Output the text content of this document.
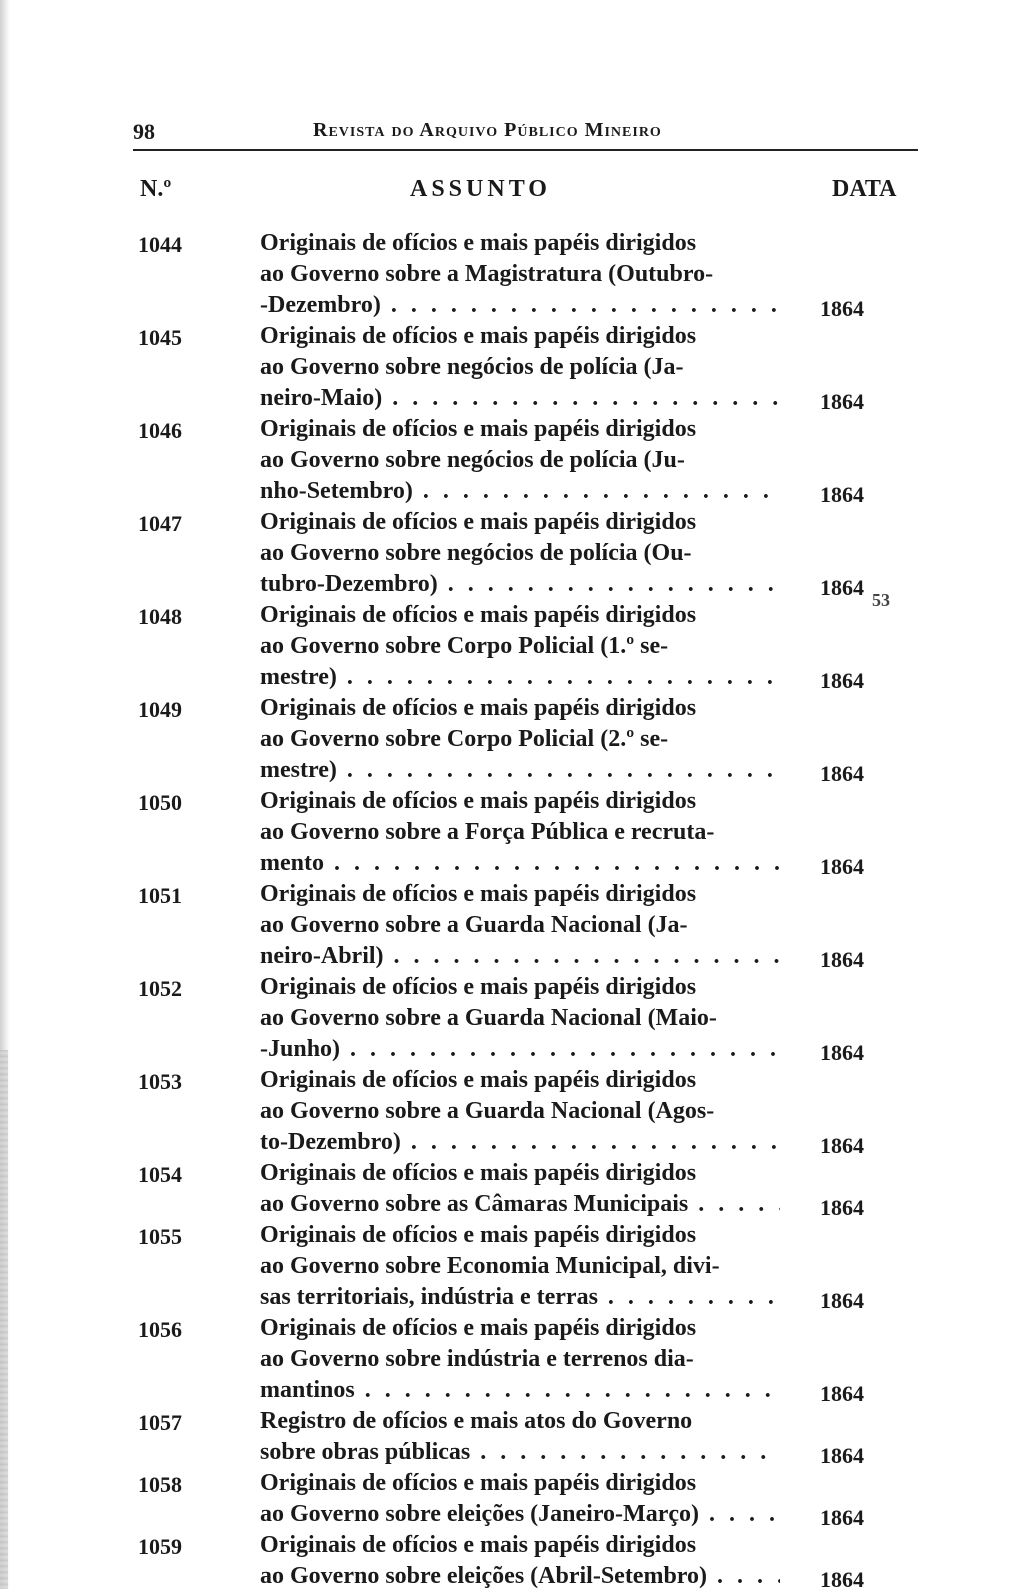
98	Revista do Arquivo Público Mineiro
N.º	ASSUNTO	DATA
53
1044	Originais de ofícios e mais papéis dirigidos
ao Governo sobre a Magistratura (Outubro-
-Dezembro) . . .	1864
1045	Originais de ofícios e mais papéis dirigidos
ao Governo sobre negócios de polícia (Ja-
neiro-Maio) . . .	1864
1046	Originais de ofícios e mais papéis dirigidos
ao Governo sobre negócios de polícia (Ju-
nho-Setembro) . . .	1864
1047	Originais de ofícios e mais papéis dirigidos
ao Governo sobre negócios de polícia (Ou-
tubro-Dezembro) . . .	1864
1048	Originais de ofícios e mais papéis dirigidos
ao Governo sobre Corpo Policial (1.º se-
mestre) . . .	1864
1049	Originais de ofícios e mais papéis dirigidos
ao Governo sobre Corpo Policial (2.º se-
mestre) . . .	1864
1050	Originais de ofícios e mais papéis dirigidos
ao Governo sobre a Força Pública e recruta-
mento . . .	1864
1051	Originais de ofícios e mais papéis dirigidos
ao Governo sobre a Guarda Nacional (Ja-
neiro-Abril) . . .	1864
1052	Originais de ofícios e mais papéis dirigidos
ao Governo sobre a Guarda Nacional (Maio-
-Junho) . . .	1864
1053	Originais de ofícios e mais papéis dirigidos
ao Governo sobre a Guarda Nacional (Agos-
to-Dezembro) . . .	1864
1054	Originais de ofícios e mais papéis dirigidos
ao Governo sobre as Câmaras Municipais . . .	1864
1055	Originais de ofícios e mais papéis dirigidos
ao Governo sobre Economia Municipal, divi-
sas territoriais, indústria e terras . . .	1864
1056	Originais de ofícios e mais papéis dirigidos
ao Governo sobre indústria e terrenos dia-
mantinos . . .	1864
1057	Registro de ofícios e mais atos do Governo
sobre obras públicas . . .	1864
1058	Originais de ofícios e mais papéis dirigidos
ao Governo sobre eleições (Janeiro-Março) . . .	1864
1059	Originais de ofícios e mais papéis dirigidos
ao Governo sobre eleições (Abril-Setembro) . . .	1864
